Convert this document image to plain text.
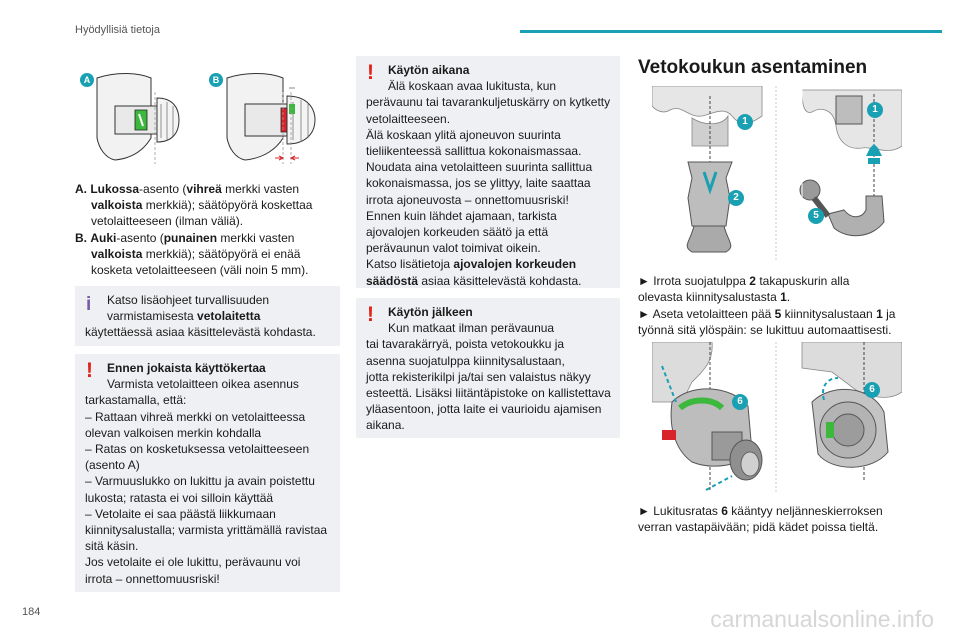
Hyödyllisiä tietoja
A	B

A. Lukossa-asento (vihreä merkki vasten valkoista merkkiä); säätöpyörä koskettaa vetolaitteeseen (ilman väliä).

B. Auki-asento (punainen merkki vasten valkoista merkkiä); säätöpyörä ei enää kosketa vetolaitteeseen (väli noin 5 mm).

i	Katso lisäohjeet turvallisuuden
varmistamisesta vetolaitetta
käytettäessä asiaa käsittelevästä kohdasta.
!	Ennen jokaista käyttökertaa
Varmista vetolaitteen oikea asennus
tarkastamalla, että:
– Rattaan vihreä merkki on vetolaitteessa
olevan valkoisen merkin kohdalla
– Ratas on kosketuksessa vetolaitteeseen
(asento A)
– Varmuuslukko on lukittu ja avain poistettu
lukosta; ratasta ei voi silloin käyttää
– Vetolaite ei saa päästä liikkumaan
kiinnitysalustalla; varmista yrittämällä ravistaa
sitä käsin.
Jos vetolaite ei ole lukittu, perävaunu voi
irrota – onnettomuusriski!
!	Käytön aikana
Älä koskaan avaa lukitusta, kun
perävaunu tai tavarankuljetuskärry on kytketty
vetolaitteeseen.
Älä koskaan ylitä ajoneuvon suurinta
tieliikenteessä sallittua kokonaismassaa.
Noudata aina vetolaitteen suurinta sallittua
kokonaismassa, jos se ylittyy, laite saattaa
irrota ajoneuvosta – onnettomuusriski!
Ennen kuin lähdet ajamaan, tarkista
ajovalojen korkeuden säätö ja että
perävaunun valot toimivat oikein.
Katso lisätietoja ajovalojen korkeuden
säädöstä asiaa käsittelevästä kohdasta.
!	Käytön jälkeen
Kun matkaat ilman perävaunua
tai tavarakärryä, poista vetokoukku ja
asenna suojatulppa kiinnitysalustaan,
jotta rekisterikilpi ja/tai sen valaistus näkyy
esteettä. Lisäksi liitäntäpistoke on kallistettava
yläasentoon, jotta laite ei vaurioidu ajamisen
aikana.
Vetokoukun asentaminen
1
2
1
5

► Irrota suojatulppa 2 takapuskurin alla

olevasta kiinnitysalustasta 1.

► Aseta vetolaitteen pää 5 kiinnitysalustaan 1 ja

työnnä sitä ylöspäin: se lukittuu automaattisesti.

6
6

► Lukitusratas 6 kääntyy neljänneskierroksen

verran vastapäivään; pidä kädet poissa tieltä.

184	carmanualsonline.info
